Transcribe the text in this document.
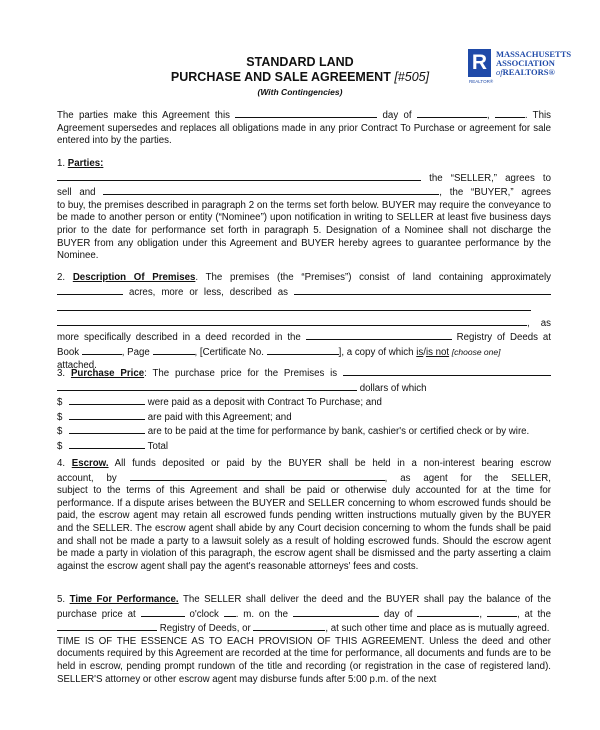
STANDARD LAND
PURCHASE AND SALE AGREEMENT [#505]
(With Contingencies)
R	MASSACHUSETTS
ASSOCIATION
ofREALTORS®
REALTOR®

The parties make this Agreement this	day of	,	. This

Agreement supersedes and replaces all obligations made in any prior Contract To Purchase or agreement for sale entered into by the parties.

1. Parties:

the “SELLER,” agrees to

sell and	, the “BUYER,” agrees

to buy, the premises described in paragraph 2 on the terms set forth below. BUYER may require the conveyance to be made to another person or entity (“Nominee”) upon notification in writing to SELLER at least five business days prior to the date for performance set forth in paragraph 5. Designation of a Nominee shall not discharge the BUYER from any obligation under this Agreement and BUYER hereby agrees to guarantee performance by the Nominee.

2. Description Of Premises. The premises (the “Premises”) consist of land containing approximately

acres, more or less, described as

, as

more specifically described in a deed recorded in the	Registry of Deeds at

Book	, Page	, [Certificate No.	], a copy of which is/is not [choose one]

attached.

3. Purchase Price: The purchase price for the Premises is

dollars of which

$	were paid as a deposit with Contract To Purchase; and

$	are paid with this Agreement; and

$	are to be paid at the time for performance by bank, cashier's or certified check or by wire.

$	Total

4. Escrow. All funds deposited or paid by the BUYER shall be held in a non-interest bearing escrow

account, by	, as agent for the SELLER,

subject to the terms of this Agreement and shall be paid or otherwise duly accounted for at the time for performance. If a dispute arises between the BUYER and SELLER concerning to whom escrowed funds should be paid, the escrow agent may retain all escrowed funds pending written instructions mutually given by the BUYER and the SELLER. The escrow agent shall abide by any Court decision concerning to whom the funds shall be paid and shall not be made a party to a lawsuit solely as a result of holding escrowed funds. Should the escrow agent be made a party in violation of this paragraph, the escrow agent shall be dismissed and the party asserting a claim against the escrow agent shall pay the agent's reasonable attorneys' fees and costs.

5. Time For Performance. The SELLER shall deliver the deed and the BUYER shall pay the balance of the

purchase price at	o'clock . m. on the	day of	,	, at the

Registry of Deeds, or	, at such other time and place as is mutually agreed.

TIME IS OF THE ESSENCE AS TO EACH PROVISION OF THIS AGREEMENT. Unless the deed and other documents required by this Agreement are recorded at the time for performance, all documents and funds are to be held in escrow, pending prompt rundown of the title and recording (or registration in the case of registered land). SELLER'S attorney or other escrow agent may disburse funds after 5:00 p.m. of the next
